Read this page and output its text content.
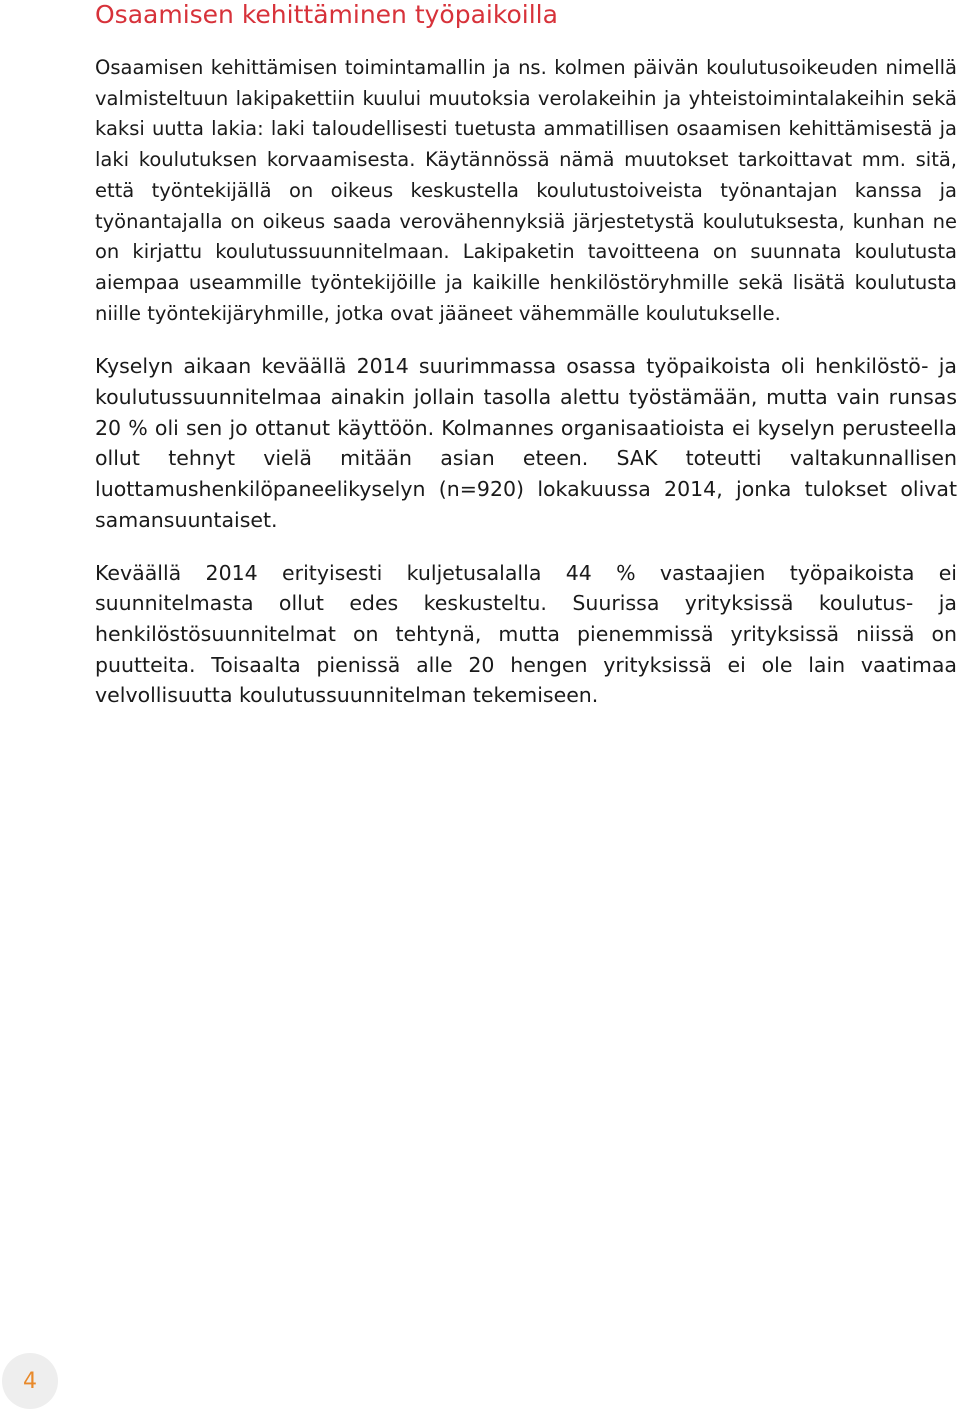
Osaamisen kehittäminen työpaikoilla

Osaamisen kehittämisen toimintamallin ja ns. kolmen päivän koulutusoikeuden nimellä valmisteltuun lakipakettiin kuului muutoksia verolakeihin ja yhteistoimintalakeihin sekä kaksi uutta lakia: laki taloudellisesti tuetusta ammatillisen osaamisen kehittämisestä ja laki koulutuksen korvaamisesta. Käytännössä nämä muutokset tarkoittavat mm. sitä, että työntekijällä on oikeus keskustella koulutustoiveista työnantajan kanssa ja työnantajalla on oikeus saada verovähennyksiä järjestetystä koulutuksesta, kunhan ne on kirjattu koulutussuunnitelmaan. Lakipaketin tavoitteena on suunnata koulutusta aiempaa useammille työntekijöille ja kaikille henkilöstöryhmille sekä lisätä koulutusta niille työntekijäryhmille, jotka ovat jääneet vähemmälle koulutukselle.

Kyselyn aikaan keväällä 2014 suurimmassa osassa työpaikoista oli henkilöstö- ja koulutussuunnitelmaa ainakin jollain tasolla alettu työstämään, mutta vain runsas 20 % oli sen jo ottanut käyttöön. Kolmannes organisaatioista ei kyselyn perusteella ollut tehnyt vielä mitään asian eteen. SAK toteutti valtakunnallisen luottamushenkilöpaneelikyselyn (n=920) lokakuussa 2014, jonka tulokset olivat samansuuntaiset.

Keväällä 2014 erityisesti kuljetusalalla 44 % vastaajien työpaikoista ei suunnitelmasta ollut edes keskusteltu. Suurissa yrityksissä koulutus- ja henkilöstösuunnitelmat on tehtynä, mutta pienemmissä yrityksissä niissä on puutteita. Toisaalta pienissä alle 20 hengen yrityksissä ei ole lain vaatimaa velvollisuutta koulutussuunnitelman tekemiseen.

4
